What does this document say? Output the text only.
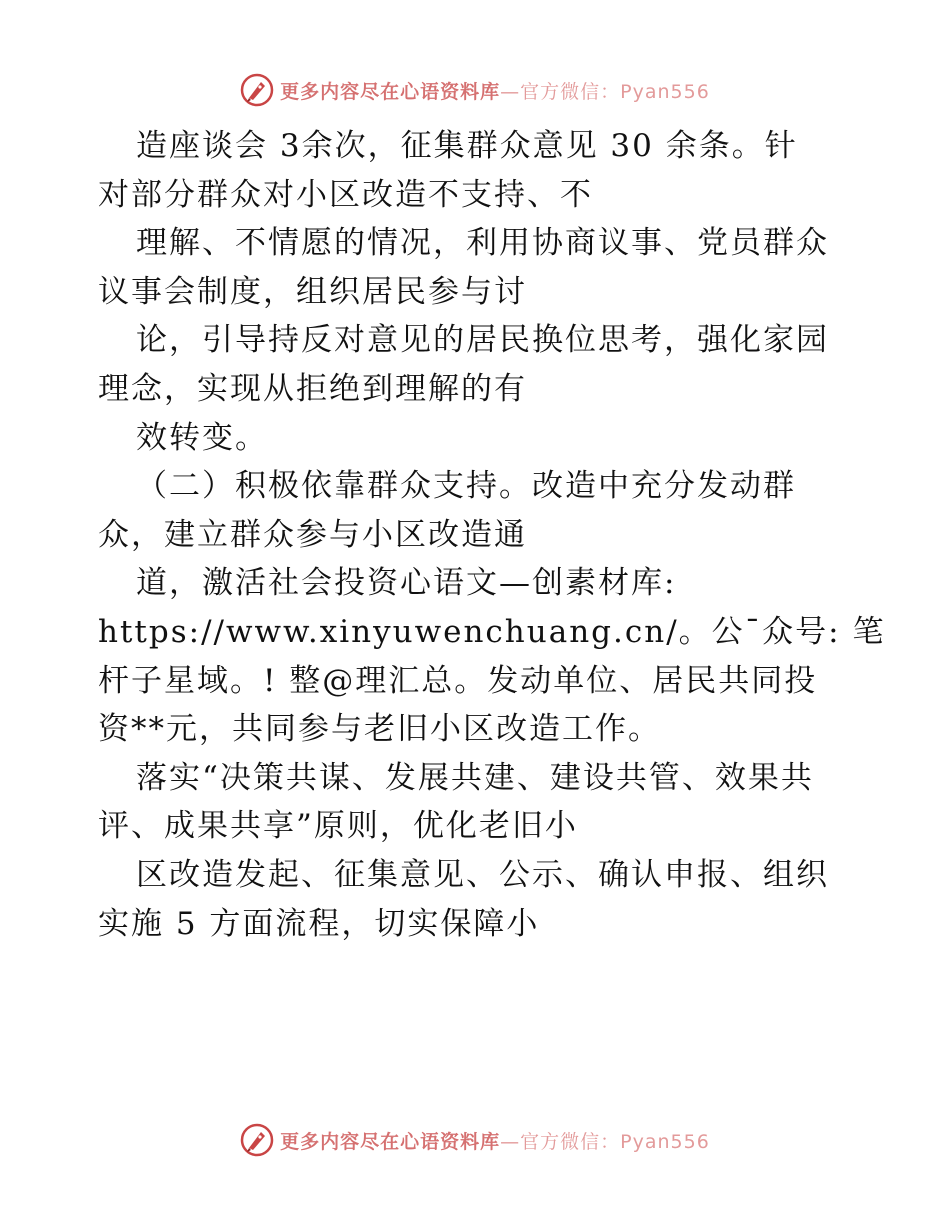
更多内容尽在心语资料库—官方微信：Pyan556
造座谈会 3余次，征集群众意见 30 余条。针
对部分群众对小区改造不支持、不
理解、不情愿的情况，利用协商议事、党员群众
议事会制度，组织居民参与讨
论，引导持反对意见的居民换位思考，强化家园
理念，实现从拒绝到理解的有
效转变。
（二）积极依靠群众支持。改造中充分发动群
众，建立群众参与小区改造通
道，激活社会投资心语文—创素材库:
https://www.xinyuwenchuang.cn/。公¯众号: 笔
杆子星域。! 整@理汇总。发动单位、居民共同投
资**元，共同参与老旧小区改造工作。
落实“决策共谋、发展共建、建设共管、效果共
评、成果共享”原则，优化老旧小
区改造发起、征集意见、公示、确认申报、组织
实施 5 方面流程，切实保障小
更多内容尽在心语资料库—官方微信：Pyan556
